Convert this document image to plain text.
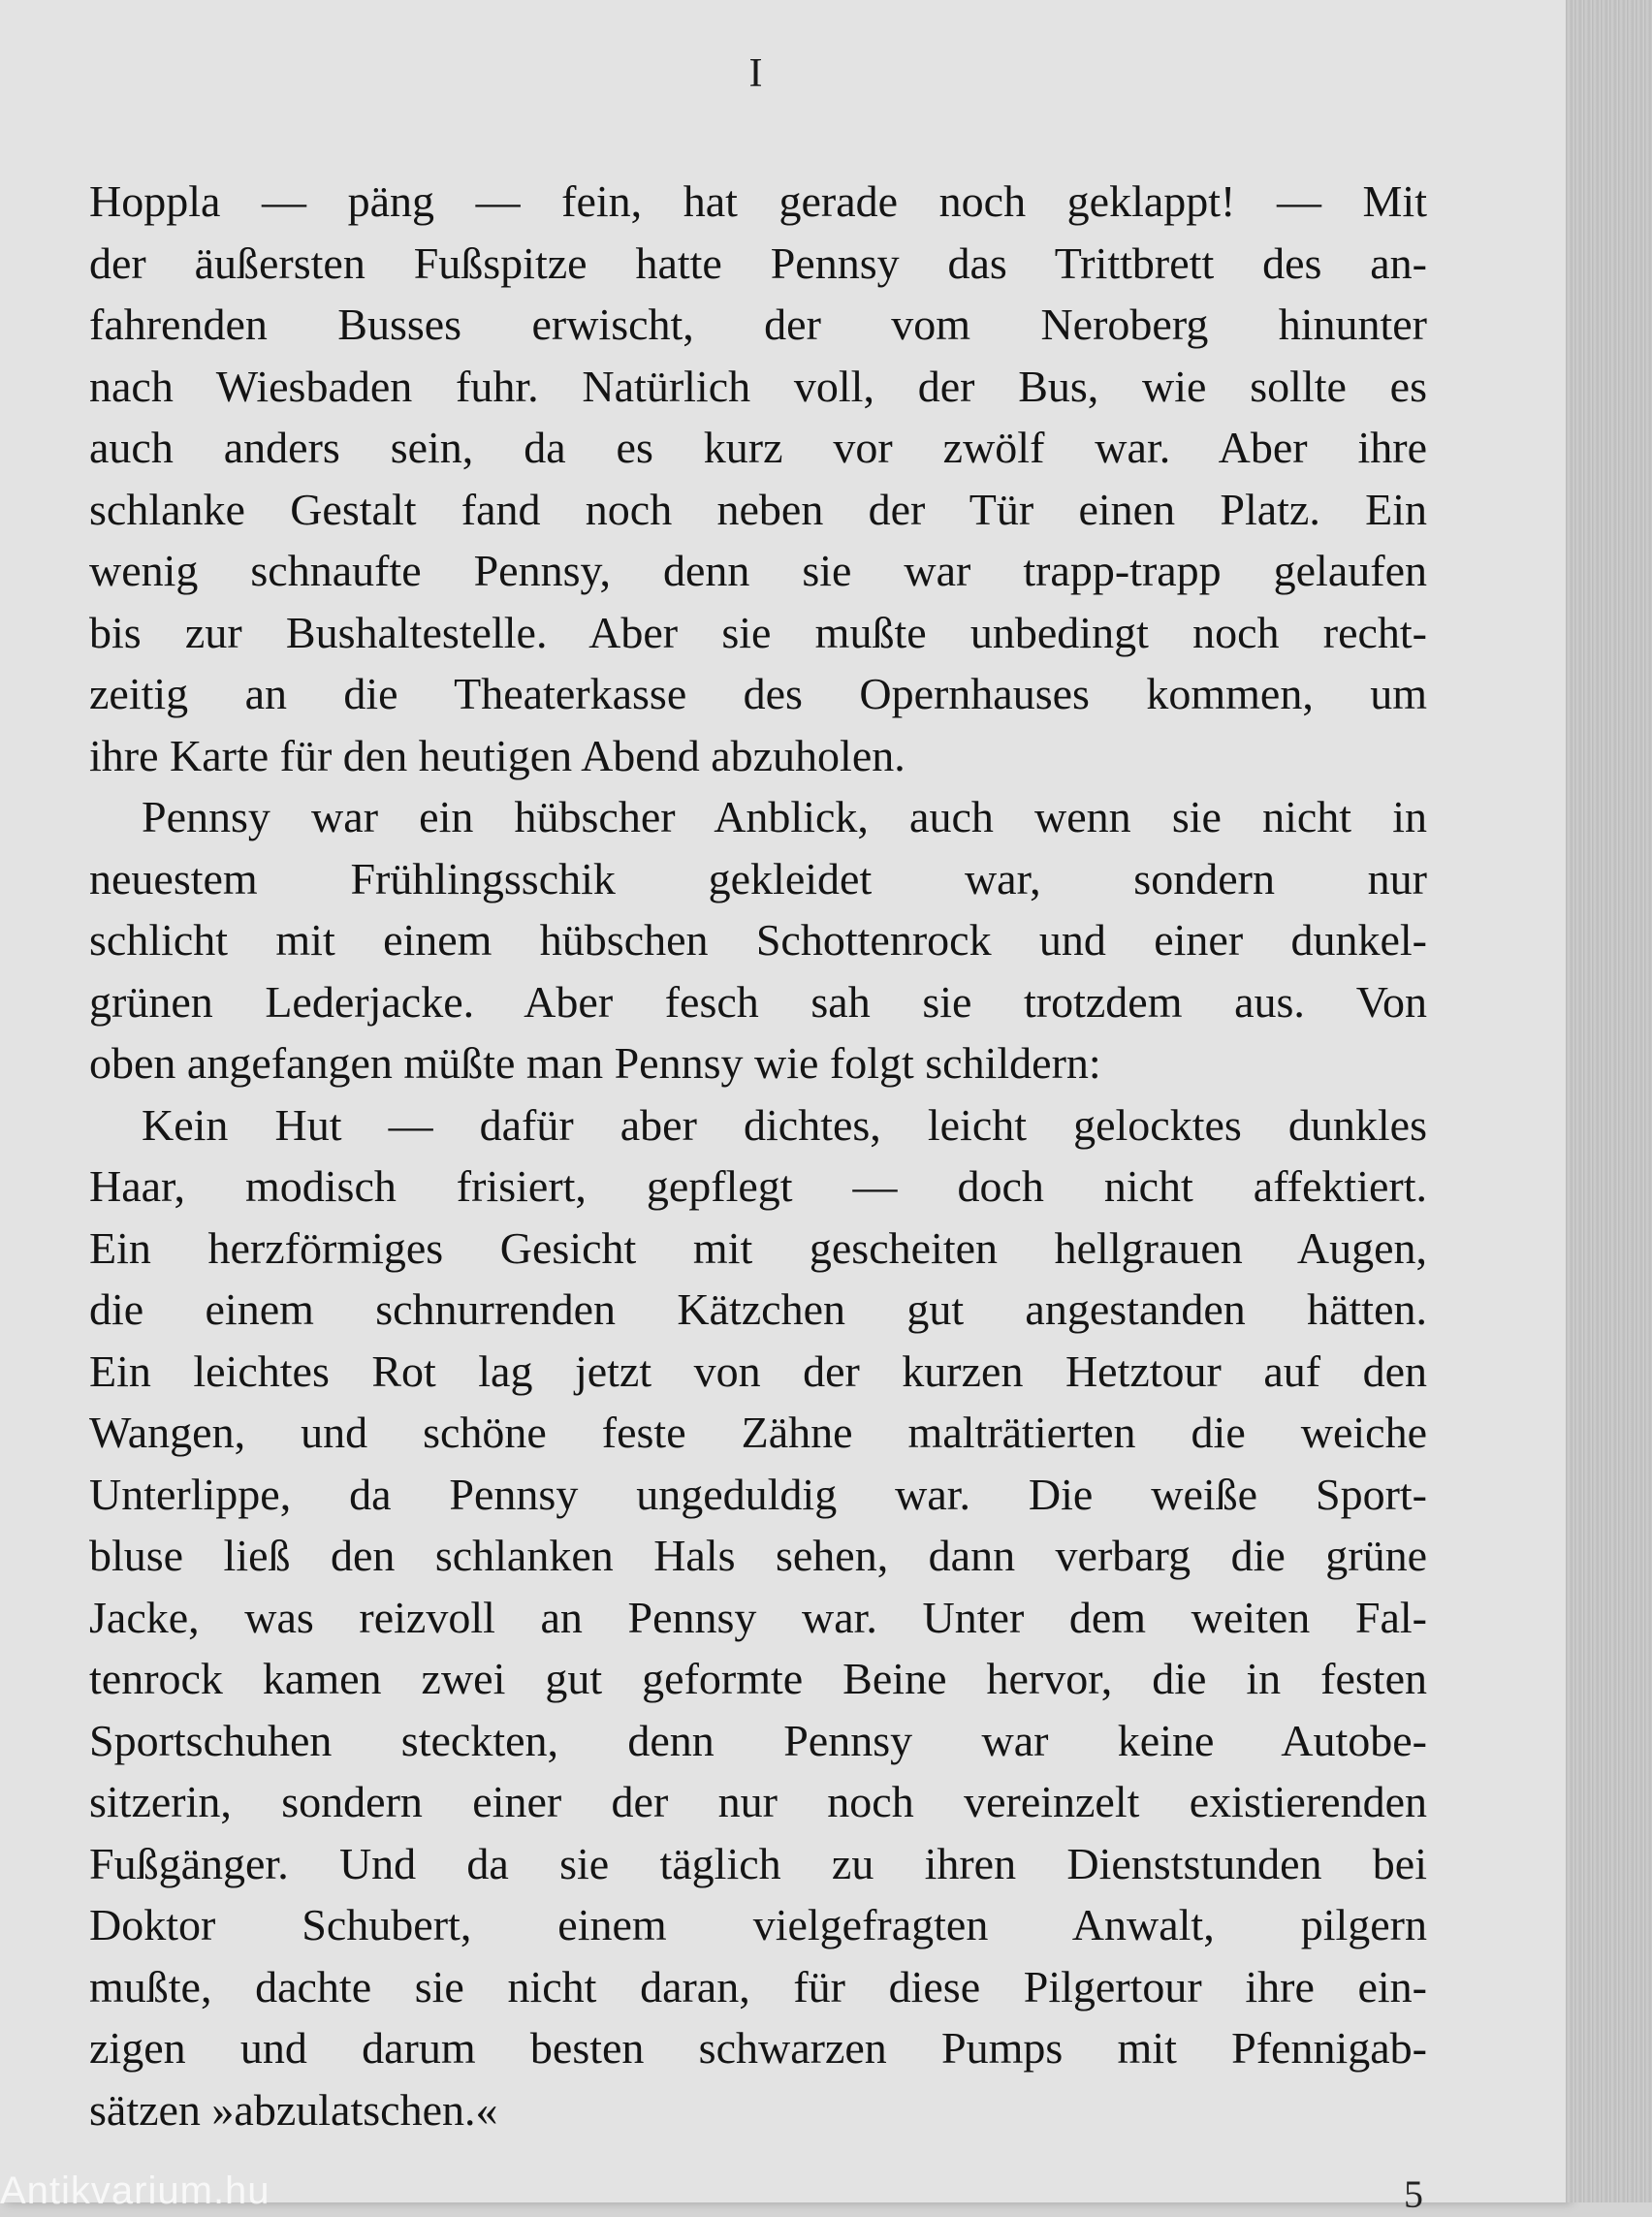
I
Hoppla — päng — fein, hat gerade noch geklappt! — Mit
der äußersten Fußspitze hatte Pennsy das Trittbrett des an-
fahrenden Busses erwischt, der vom Neroberg hinunter
nach Wiesbaden fuhr. Natürlich voll, der Bus, wie sollte es
auch anders sein, da es kurz vor zwölf war. Aber ihre
schlanke Gestalt fand noch neben der Tür einen Platz. Ein
wenig schnaufte Pennsy, denn sie war trapp-trapp gelaufen
bis zur Bushaltestelle. Aber sie mußte unbedingt noch recht-
zeitig an die Theaterkasse des Opernhauses kommen, um
ihre Karte für den heutigen Abend abzuholen.
Pennsy war ein hübscher Anblick, auch wenn sie nicht in
neuestem Frühlingsschik gekleidet war, sondern nur
schlicht mit einem hübschen Schottenrock und einer dunkel-
grünen Lederjacke. Aber fesch sah sie trotzdem aus. Von
oben angefangen müßte man Pennsy wie folgt schildern:
Kein Hut — dafür aber dichtes, leicht gelocktes dunkles
Haar, modisch frisiert, gepflegt — doch nicht affektiert.
Ein herzförmiges Gesicht mit gescheiten hellgrauen Augen,
die einem schnurrenden Kätzchen gut angestanden hätten.
Ein leichtes Rot lag jetzt von der kurzen Hetztour auf den
Wangen, und schöne feste Zähne malträtierten die weiche
Unterlippe, da Pennsy ungeduldig war. Die weiße Sport-
bluse ließ den schlanken Hals sehen, dann verbarg die grüne
Jacke, was reizvoll an Pennsy war. Unter dem weiten Fal-
tenrock kamen zwei gut geformte Beine hervor, die in festen
Sportschuhen steckten, denn Pennsy war keine Autobe-
sitzerin, sondern einer der nur noch vereinzelt existierenden
Fußgänger. Und da sie täglich zu ihren Dienststunden bei
Doktor Schubert, einem vielgefragten Anwalt, pilgern
mußte, dachte sie nicht daran, für diese Pilgertour ihre ein-
zigen und darum besten schwarzen Pumps mit Pfennigab-
sätzen »abzulatschen.«
Antikvarium.hu	5
